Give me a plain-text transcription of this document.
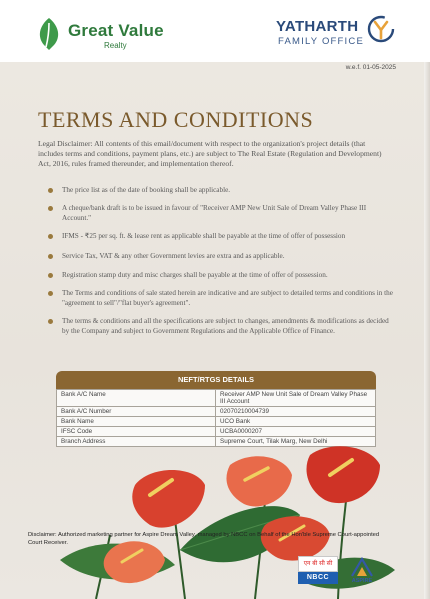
Great Value
Realty
YATHARTH
FAMILY OFFICE
w.e.f. 01-05-2025
TERMS AND CONDITIONS
Legal Disclaimer: All contents of this email/document with respect to the organization's project details (that includes terms and conditions, payment plans, etc.) are subject to The Real Estate (Regulation and Development) Act, 2016, rules framed thereunder, and implementation thereof.
The price list as of the date of booking shall be applicable.
A cheque/bank draft is to be issued in favour of "Receiver AMP New Unit Sale of Dream Valley Phase III Account."
IFMS - ₹25 per sq. ft. & lease rent as applicable shall be payable at the time of offer of possession
Service Tax, VAT & any other Government levies are extra and as applicable.
Registration stamp duty and misc charges shall be payable at the time of offer of possession.
The Terms and conditions of sale stated herein are indicative and are subject to detailed terms and conditions in the "agreement to sell"/"flat buyer's agreement".
The terms & conditions and all the specifications are subject to changes, amendments & modifications as decided by the Company and subject to Government Regulations and the Applicable Office of Finance.
NEFT/RTGS DETAILS
Bank A/C Name	Receiver AMP New Unit Sale of Dream Valley Phase III Account
Bank A/C Number	02070210004739
Bank Name	UCO Bank
IFSC Code	UCBA0000207
Branch Address	Supreme Court, Tilak Marg, New Delhi
Disclaimer: Authorized marketing partner for Aspire Dream Valley, managed by NBCC on Behalf of the Hon'ble Supreme Court-appointed Court Receiver.
एन बी सी सी
NBCC	ASPIRE
